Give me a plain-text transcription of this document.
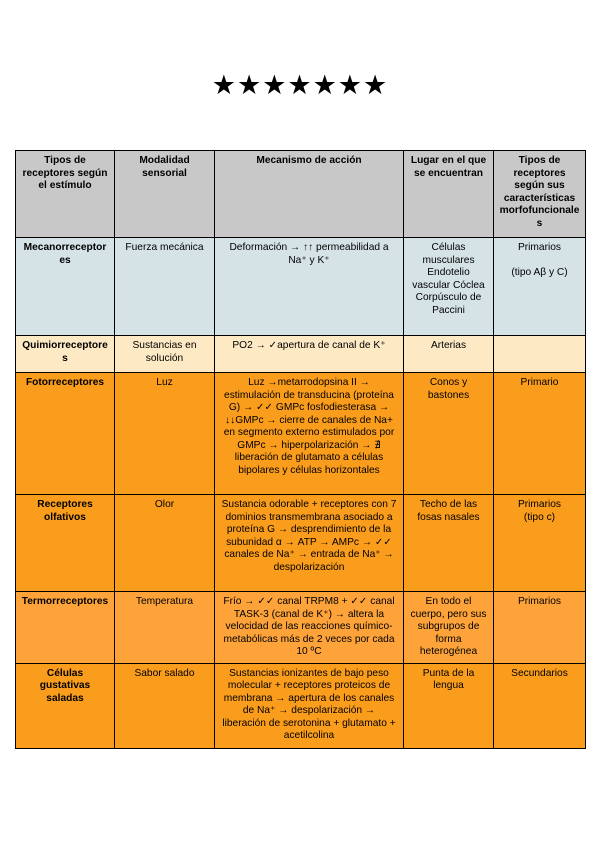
★★★★★★★
Tipos de receptores según el estímulo	Modalidad sensorial	Mecanismo de acción	Lugar en el que se encuentran	Tipos de receptores según sus características morfofuncionales
Mecanorreceptores	Fuerza mecánica	Deformación → ↑↑ permeabilidad a Na⁺ y K⁺	Células musculares Endotelio vascular Cóclea Corpúsculo de Paccini	Primarios

(tipo Aβ y C)
Quimiorreceptores	Sustancias en solución	PO2 → ✓apertura de canal de K⁺	Arterias	
Fotorreceptores	Luz	Luz →metarrodopsina II → estimulación de transducina (proteína G) → ✓✓ GMPc fosfodiesterasa → ↓↓GMPc → cierre de canales de Na+ en segmento externo estimulados por GMPc → hiperpolarización → ∄ liberación de glutamato a células bipolares y células horizontales	Conos y bastones	Primario
Receptores olfativos	Olor	Sustancia odorable + receptores con 7 dominios transmembrana asociado a proteína G → desprendimiento de la subunidad α → ATP → AMPc → ✓✓ canales de Na⁺ → entrada de Na⁺ → despolarización	Techo de las fosas nasales	Primarios
(tipo c)
Termorreceptores	Temperatura	Frío → ✓✓ canal TRPM8 + ✓✓ canal TASK-3 (canal de K⁺) → altera la velocidad de las reacciones químico-metabólicas más de 2 veces por cada 10 ºC	En todo el cuerpo, pero sus subgrupos de forma heterogénea	Primarios
Células gustativas saladas	Sabor salado	Sustancias ionizantes de bajo peso molecular + receptores proteicos de membrana → apertura de los canales de Na⁺ → despolarización → liberación de serotonina + glutamato + acetilcolina	Punta de la lengua	Secundarios
